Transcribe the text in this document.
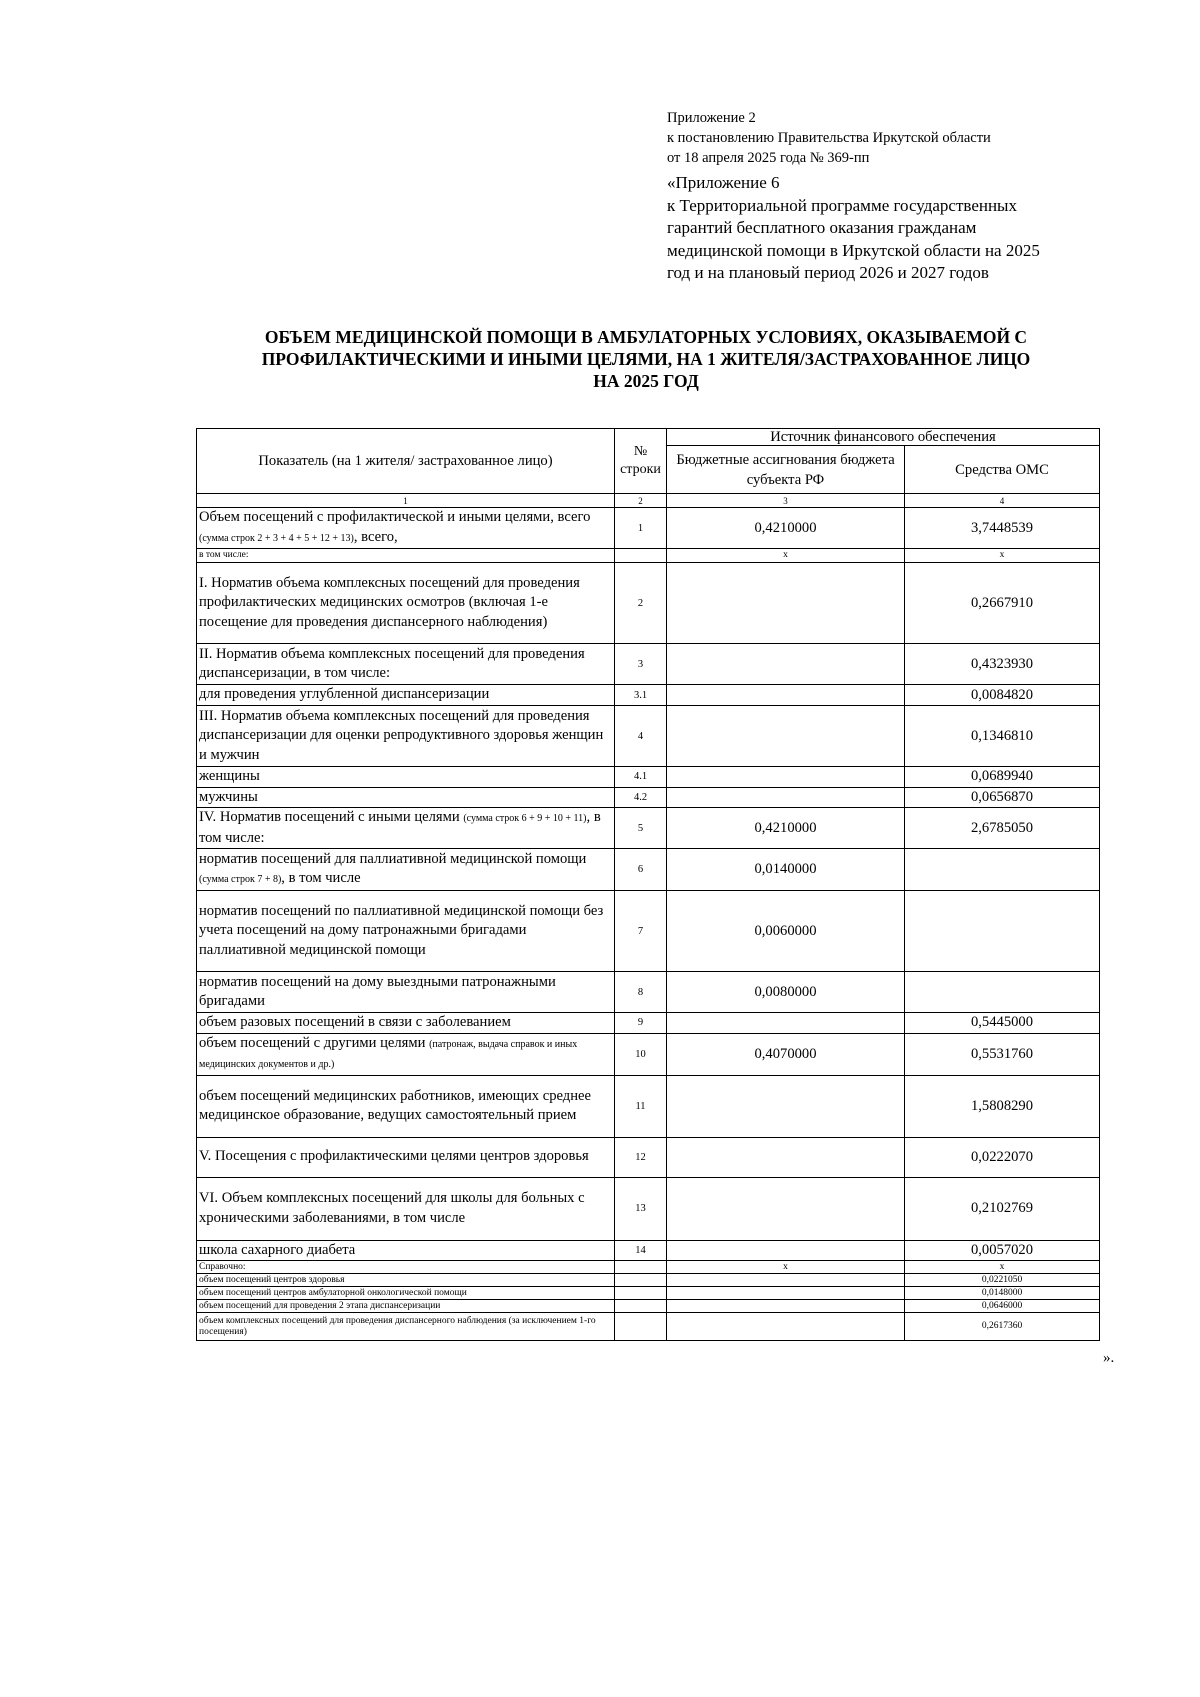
Приложение 2
к постановлению Правительства Иркутской области
от 18 апреля 2025 года № 369-пп
«Приложение 6
к Территориальной программе государственных
гарантий бесплатного оказания гражданам
медицинской помощи в Иркутской области на 2025
год и на плановый период 2026 и 2027 годов
ОБЪЕМ МЕДИЦИНСКОЙ ПОМОЩИ В АМБУЛАТОРНЫХ УСЛОВИЯХ, ОКАЗЫВАЕМОЙ С
ПРОФИЛАКТИЧЕСКИМИ И ИНЫМИ ЦЕЛЯМИ, НА 1 ЖИТЕЛЯ/ЗАСТРАХОВАННОЕ ЛИЦО
НА 2025 ГОД
Показатель (на 1 жителя/ застрахованное лицо)	№ строки	Источник финансового обеспечения	
		Бюджетные ассигнования бюджета субъекта РФ	Средства ОМС
1	2	3	4
Объем посещений с профилактической и иными целями, всего (сумма строк 2 + 3 + 4 + 5 + 12 + 13), всего,	1	0,4210000	3,7448539
в том числе:		х	х
I. Норматив объема комплексных посещений для проведения профилактических медицинских осмотров (включая 1-е посещение для проведения диспансерного наблюдения)	2		0,2667910
II. Норматив объема комплексных посещений для проведения диспансеризации, в том числе:	3		0,4323930
для проведения углубленной диспансеризации	3.1		0,0084820
III. Норматив объема комплексных посещений для проведения диспансеризации для оценки репродуктивного здоровья женщин и мужчин	4		0,1346810
женщины	4.1		0,0689940
мужчины	4.2		0,0656870
IV. Норматив посещений с иными целями (сумма строк 6 + 9 + 10 + 11), в том числе:	5	0,4210000	2,6785050
норматив посещений для паллиативной медицинской помощи (сумма строк 7 + 8), в том числе	6	0,0140000	
норматив посещений по паллиативной медицинской помощи без учета посещений на дому патронажными бригадами паллиативной медицинской помощи	7	0,0060000	
норматив посещений на дому выездными патронажными бригадами	8	0,0080000	
объем разовых посещений в связи с заболеванием	9		0,5445000
объем посещений с другими целями (патронаж, выдача справок и иных медицинских документов и др.)	10	0,4070000	0,5531760
объем посещений медицинских работников, имеющих среднее медицинское образование, ведущих самостоятельный прием	11		1,5808290
V. Посещения с профилактическими целями центров здоровья	12		0,0222070
VI. Объем комплексных посещений для школы для больных с хроническими заболеваниями, в том числе	13		0,2102769
школа сахарного диабета	14		0,0057020
Справочно:		х	х
объем посещений центров здоровья			0,0221050
объем посещений центров амбулаторной онкологической помощи			0,0148000
объем посещений для проведения 2 этапа диспансеризации			0,0646000
объем комплексных посещений для проведения диспансерного наблюдения (за исключением 1-го посещения)			0,2617360
».
